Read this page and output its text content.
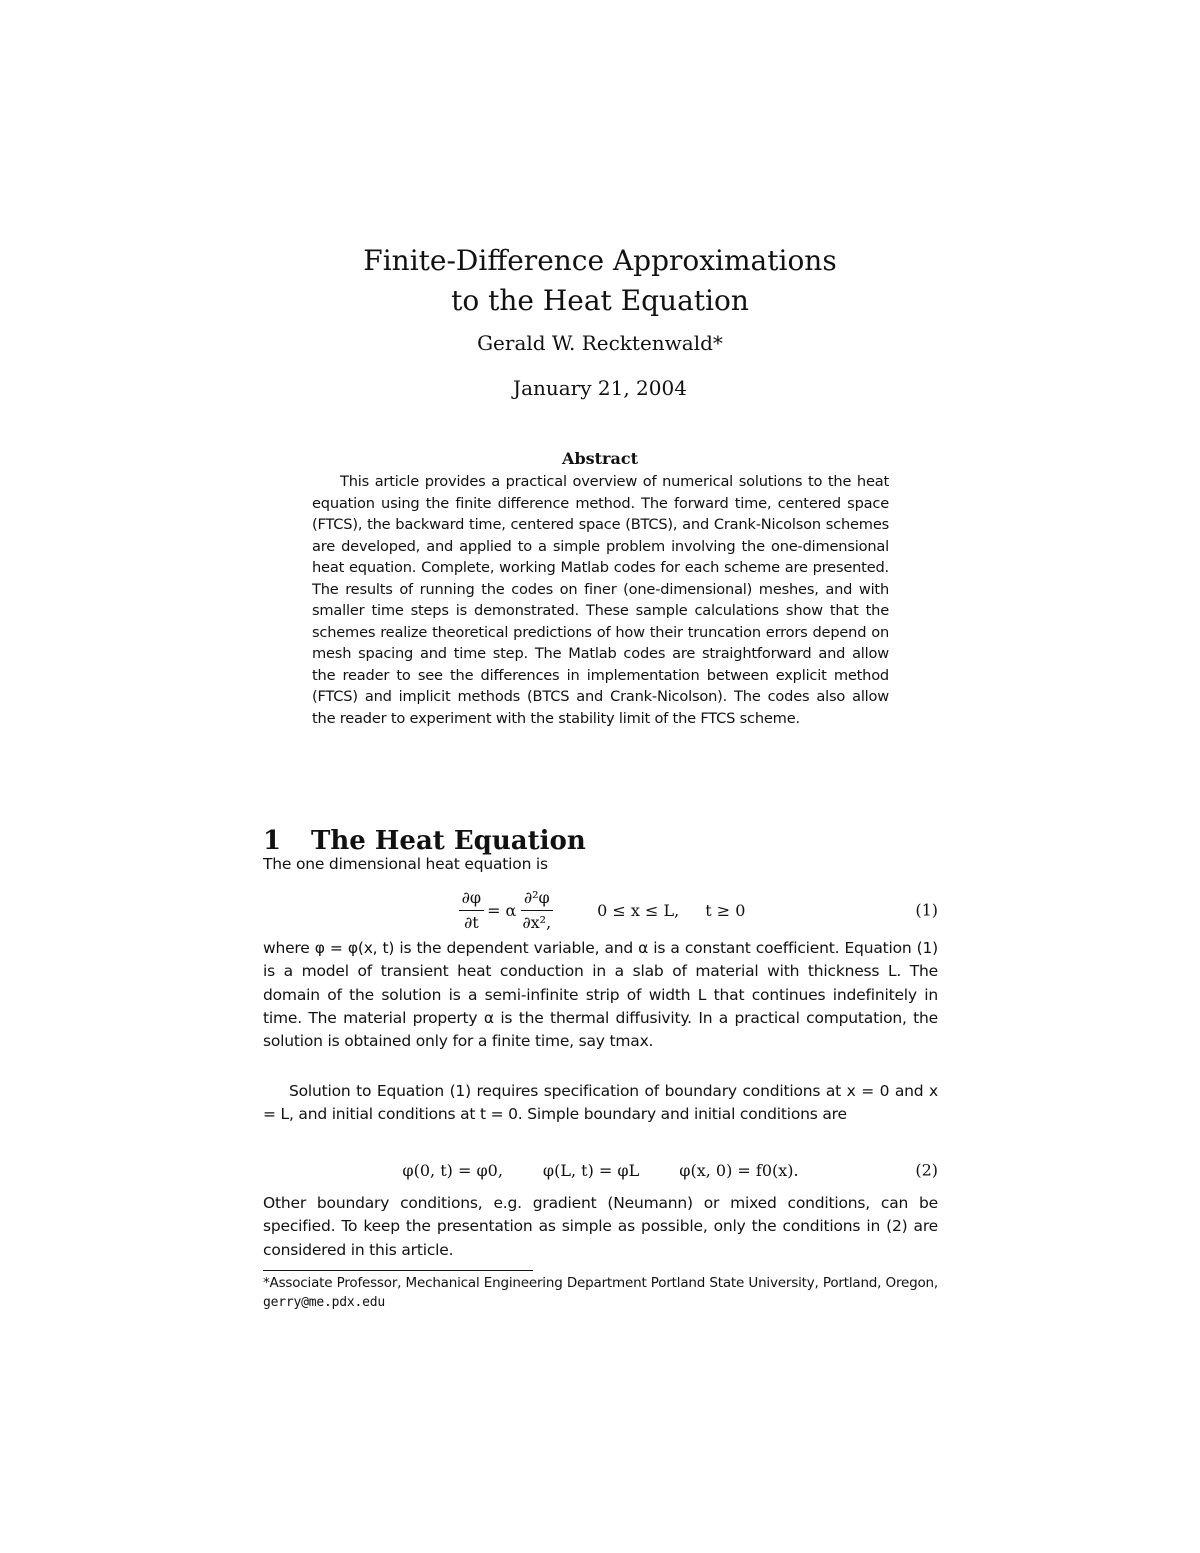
Finite-Difference Approximations
to the Heat Equation
Gerald W. Recktenwald*
January 21, 2004
Abstract
This article provides a practical overview of numerical solutions to the heat equation using the finite difference method. The forward time, centered space (FTCS), the backward time, centered space (BTCS), and Crank-Nicolson schemes are developed, and applied to a simple problem involving the one-dimensional heat equation. Complete, working Matlab codes for each scheme are presented. The results of running the codes on finer (one-dimensional) meshes, and with smaller time steps is demonstrated. These sample calculations show that the schemes realize theoretical predictions of how their truncation errors depend on mesh spacing and time step. The Matlab codes are straightforward and allow the reader to see the differences in implementation between explicit method (FTCS) and implicit methods (BTCS and Crank-Nicolson). The codes also allow the reader to experiment with the stability limit of the FTCS scheme.
1 The Heat Equation
The one dimensional heat equation is
$\frac{\partial\varphi}{\partial t} = \alpha \frac{\text{∂²φ}}{\text{∂x²,}}$	0 ≤ x ≤ L, t ≥ 0	(1)
where φ = φ(x, t) is the dependent variable, and α is a constant coefficient. Equation (1) is a model of transient heat conduction in a slab of material with thickness L. The domain of the solution is a semi-infinite strip of width L that continues indefinitely in time. The material property α is the thermal diffusivity. In a practical computation, the solution is obtained only for a finite time, say tmax.
Solution to Equation (1) requires specification of boundary conditions at x = 0 and x = L, and initial conditions at t = 0. Simple boundary and initial conditions are
φ(0, t) = φ0,	φ(L, t) = φL	φ(x, 0) = f0(x).	(2)
Other boundary conditions, e.g. gradient (Neumann) or mixed conditions, can be specified. To keep the presentation as simple as possible, only the conditions in (2) are considered in this article.
*Associate Professor, Mechanical Engineering Department Portland State University, Portland, Oregon, gerry@me.pdx.edu
